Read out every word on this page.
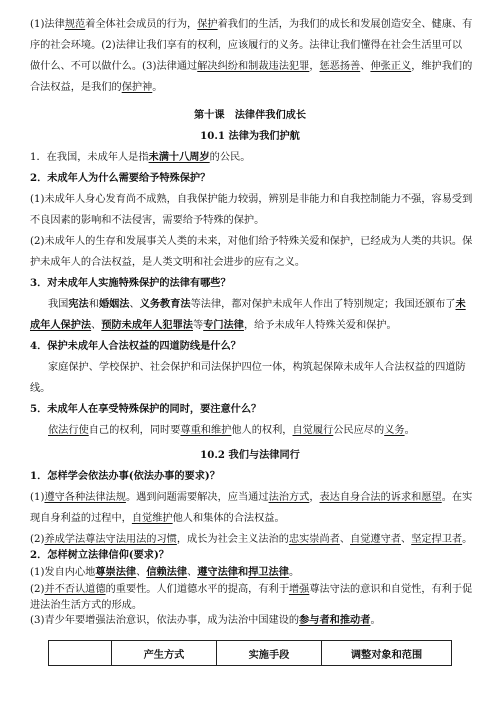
(1)法律规范着全体社会成员的行为，保护着我们的生活，为我们的成长和发展创造安全、健康、有
序的社会环境。(2)法律让我们享有的权利，应该履行的义务。法律让我们懂得在社会生活里可以
做什么、不可以做什么。(3)法律通过解决纠纷和制裁违法犯罪，惩恶扬善、伸张正义，维护我们的
合法权益，是我们的保护神。
第十课　法律伴我们成长
10.1 法律为我们护航
1．在我国，未成年人是指未满十八周岁的公民。
2．未成年人为什么需要给予特殊保护？
(1)未成年人身心发育尚不成熟，自我保护能力较弱，辨别是非能力和自我控制能力不强，容易受到
不良因素的影响和不法侵害，需要给予特殊的保护。
(2)未成年人的生存和发展事关人类的未来，对他们给予特殊关爱和保护，已经成为人类的共识。保
护未成年人的合法权益，是人类文明和社会进步的应有之义。
3．对未成年人实施特殊保护的法律有哪些？
我国宪法和婚姻法、义务教育法等法律，都对保护未成年人作出了特别规定；我国还颁布了未
成年人保护法、预防未成年人犯罪法等专门法律，给予未成年人特殊关爱和保护。
4．保护未成年人合法权益的四道防线是什么？
家庭保护、学校保护、社会保护和司法保护四位一体，构筑起保障未成年人合法权益的四道防
线。
5．未成年人在享受特殊保护的同时，要注意什么？
依法行使自己的权利，同时要尊重和维护他人的权利，自觉履行公民应尽的义务。
10.2 我们与法律同行
1．怎样学会依法办事(依法办事的要求)？
(1)遵守各种法律法规。遇到问题需要解决，应当通过法治方式，表达自身合法的诉求和愿望。在实
现自身利益的过程中，自觉维护他人和集体的合法权益。
(2)养成学法尊法守法用法的习惯，成长为社会主义法治的忠实崇尚者、自觉遵守者、坚定捍卫者。
2．怎样树立法律信仰(要求)？
(1)发自内心地尊崇法律、信赖法律、遵守法律和捍卫法律。
(2)并不否认道德的重要性。人们道德水平的提高，有利于增强尊法守法的意识和自觉性，有利于促
进法治生活方式的形成。
	产生方式	实施手段	调整对象和范围
(3)青少年要增强法治意识，依法办事，成为法治中国建设的参与者和推动者。
